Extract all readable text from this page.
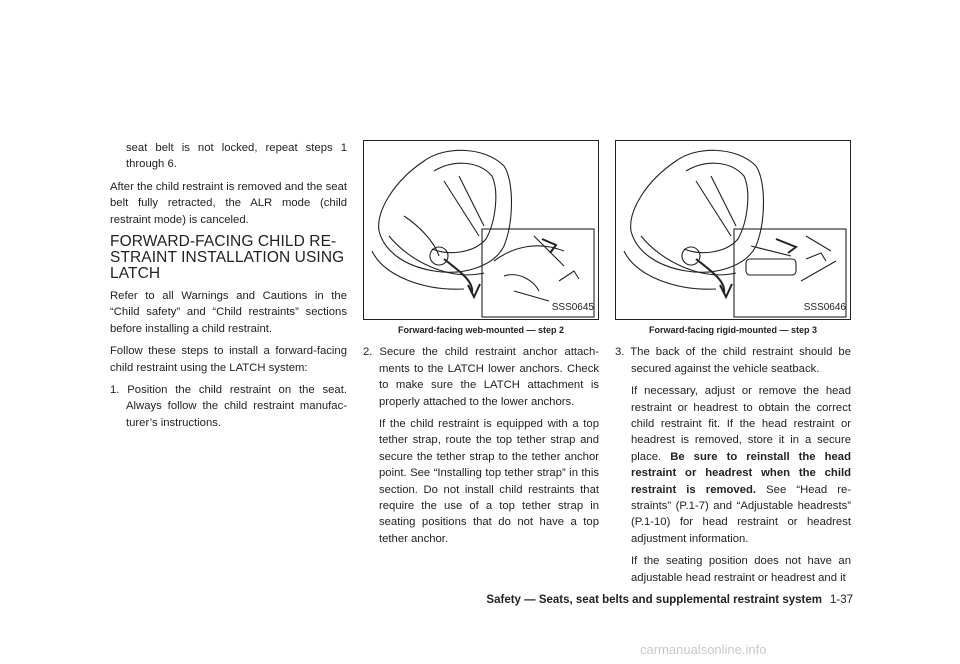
seat belt is not locked, repeat steps 1 through 6.

After the child restraint is removed and the seat belt fully retracted, the ALR mode (child restraint mode) is canceled.

FORWARD-FACING CHILD RE-STRAINT INSTALLATION USING LATCH

Refer to all Warnings and Cautions in the “Child safety” and “Child restraints” sections before installing a child restraint.

Follow these steps to install a forward-facing child restraint using the LATCH system:

1. Position the child restraint on the seat. Always follow the child restraint manufac-turer’s instructions.

SSS0645
Forward-facing web-mounted — step 2

2. Secure the child restraint anchor attach-ments to the LATCH lower anchors. Check to make sure the LATCH attachment is properly attached to the lower anchors.

If the child restraint is equipped with a top tether strap, route the top tether strap and secure the tether strap to the tether anchor point. See “Installing top tether strap” in this section. Do not install child restraints that require the use of a top tether strap in seating positions that do not have a top tether anchor.

SSS0646
Forward-facing rigid-mounted — step 3

3. The back of the child restraint should be secured against the vehicle seatback.

If necessary, adjust or remove the head restraint or headrest to obtain the correct child restraint fit. If the head restraint or headrest is removed, store it in a secure place. Be sure to reinstall the head restraint or headrest when the child restraint is removed. See “Head re-straints” (P.1-7) and “Adjustable headrests” (P.1-10) for head restraint or headrest adjustment information.

If the seating position does not have an adjustable head restraint or headrest and it

Safety — Seats, seat belts and supplemental restraint system 1-37
carmanualsonline.info
